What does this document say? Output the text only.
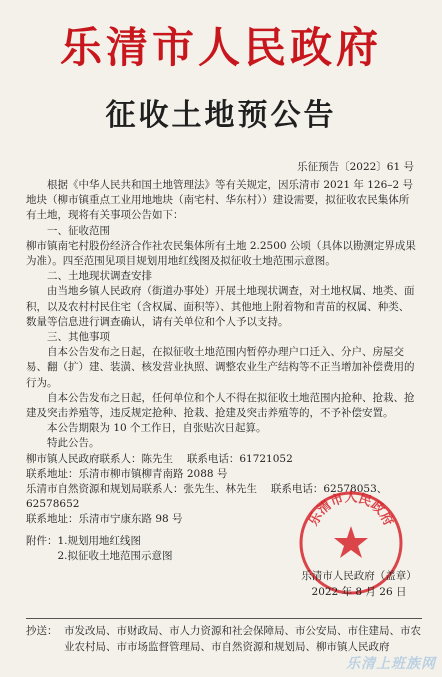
乐清市人民政府
征收土地预公告
乐征预告〔2022〕61 号

根据《中华人民共和国土地管理法》等有关规定，因乐清市 2021 年 126–2 号地块（柳市镇重点工业用地地块（南宅村、华东村））建设需要，拟征收农民集体所有土地，现将有关事项公告如下：

一、征收范围

柳市镇南宅村股份经济合作社农民集体所有土地 2.2500 公顷（具体以勘测定界成果为准）。四至范围见项目规划用地红线图及拟征收土地范围示意图。

二、土地现状调查安排

由当地乡镇人民政府（街道办事处）开展土地现状调查，对土地权属、地类、面积，以及农村村民住宅（含权属、面积等）、其他地上附着物和青苗的权属、种类、数量等信息进行调查确认，请有关单位和个人予以支持。

三、其他事项

自本公告发布之日起，在拟征收土地范围内暂停办理户口迁入、分户、房屋交易、翻（扩）建、装潢、核发营业执照、调整农业生产结构等不正当增加补偿费用的行为。

自本公告发布之日起，任何单位和个人不得在拟征收土地范围内抢种、抢栽、抢建及突击养殖等，违反规定抢种、抢栽、抢建及突击养殖等的，不予补偿安置。

本公告期限为 10 个工作日，自张贴次日起算。

特此公告。

柳市镇人民政府联系人：陈先生　 联系电话：61721052

联系地址：乐清市柳市镇柳青南路 2088 号

乐清市自然资源和规划局联系人：张先生、林先生　 联系电话：62578053、62578652

联系地址：乐清市宁康东路 98 号

附件：1.规划用地红线图

2.拟征收土地范围示意图

乐清市人民政府
乐清市人民政府（盖章）
2022 年 8 月 26 日
抄送： 市发改局、市财政局、市人力资源和社会保障局、市公安局、市住建局、市农业农村局、市市场监督管理局、市自然资源和规划局、柳市镇人民政府
乐清上班族网
